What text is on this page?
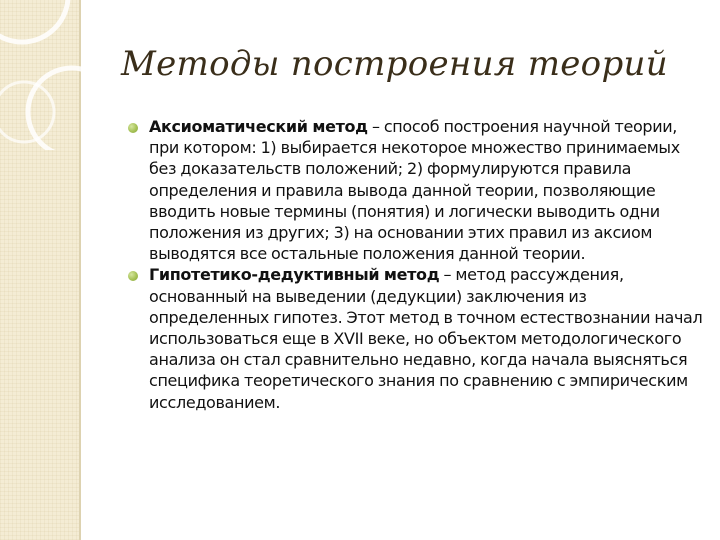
Методы построения теорий
Аксиоматический метод – способ построения научной теории, при котором: 1) выбирается некоторое множество принимаемых без доказательств положений; 2) формулируются правила определения и правила вывода данной теории, позволяющие вводить новые термины (понятия) и логически выводить одни положения из других; 3) на основании этих правил из аксиом выводятся все остальные положения данной теории.
Гипотетико-дедуктивный метод – метод рассуждения, основанный на выведении (дедукции) заключения из определенных гипотез. Этот метод в точном естествознании начал использоваться еще в XVII веке, но объектом методологического анализа он стал сравнительно недавно, когда начала выясняться специфика теоретического знания по сравнению с эмпирическим исследованием.
